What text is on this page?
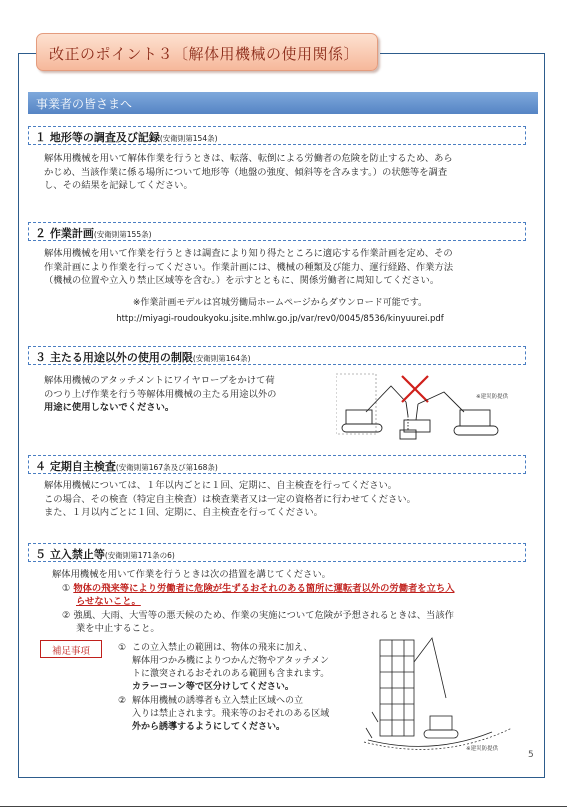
改正のポイント３〔解体用機械の使用関係〕
事業者の皆さまへ
１ 地形等の調査及び記録(安衛則第154条)

解体用機械を用いて解体作業を行うときは、転落、転倒による労働者の危険を防止するため、あら

かじめ、当該作業に係る場所について地形等（地盤の強度、傾斜等を含みます。）の状態等を調査

し、その結果を記録してください。

２ 作業計画(安衛則第155条)

解体用機械を用いて作業を行うときは調査により知り得たところに適応する作業計画を定め、その

作業計画により作業を行ってください。作業計画には、機械の種類及び能力、運行経路、作業方法

（機械の位置や立入り禁止区域等を含む。）を示すとともに、関係労働者に周知してください。

※作業計画モデルは宮城労働局ホームページからダウンロード可能です。
http://miyagi-roudoukyoku.jsite.mhlw.go.jp/var/rev0/0045/8536/kinyuurei.pdf
３ 主たる用途以外の使用の制限(安衛則第164条)

解体用機械のアタッチメントにワイヤロープをかけて荷

のつり上げ作業を行う等解体用機械の主たる用途以外の

用途に使用しないでください。

※建災防提供
４ 定期自主検査(安衛則第167条及び第168条)

解体用機械については、１年以内ごとに１回、定期に、自主検査を行ってください。

この場合、その検査（特定自主検査）は検査業者又は一定の資格者に行わせてください。

また、１月以内ごとに１回、定期に、自主検査を行ってください。

５ 立入禁止等(安衛則第171条の6)

解体用機械を用いて作業を行うときは次の措置を講じてください。

① 物体の飛来等により労働者に危険が生ずるおそれのある箇所に運転者以外の労働者を立ち入

らせないこと。

② 強風、大雨、大雪等の悪天候のため、作業の実施について危険が予想されるときは、当該作

業を中止すること。

補足事項	① この立入禁止の範囲は、物体の飛来に加え、

解体用つかみ機によりつかんだ物やアタッチメン

トに激突されるおそれのある範囲も含まれます。

カラーコーン等で区分けしてください。

② 解体用機械の誘導者も立入禁止区域への立

入りは禁止されます。飛来等のおそれのある区域

外から誘導するようにしてください。

※建災防提供
5
